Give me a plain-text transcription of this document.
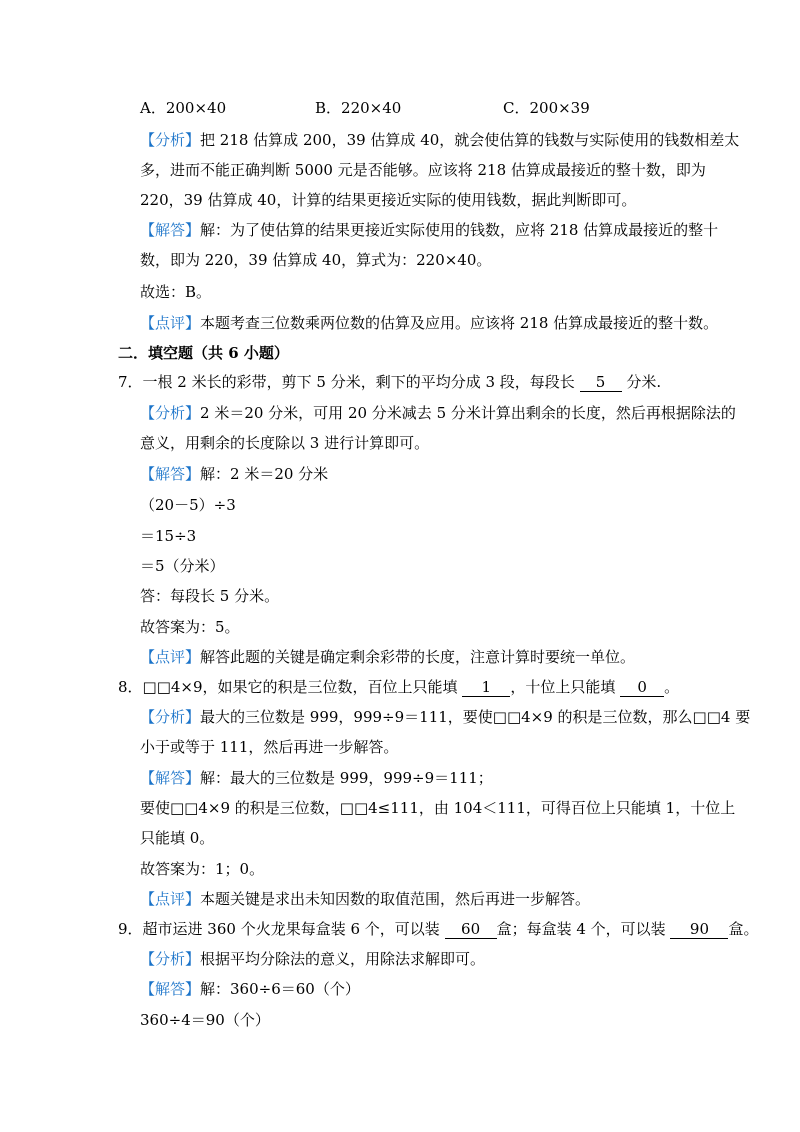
A．200×40	B．220×40	C．200×39
【分析】把 218 估算成 200，39 估算成 40，就会使估算的钱数与实际使用的钱数相差太
多，进而不能正确判断 5000 元是否能够。应该将 218 估算成最接近的整十数，即为
220，39 估算成 40，计算的结果更接近实际的使用钱数，据此判断即可。
【解答】解：为了使估算的结果更接近实际使用的钱数，应将 218 估算成最接近的整十
数，即为 220，39 估算成 40，算式为：220×40。
故选：B。
【点评】本题考查三位数乘两位数的估算及应用。应该将 218 估算成最接近的整十数。
二．填空题（共 6 小题）
7．一根 2 米长的彩带，剪下 5 分米，剩下的平均分成 3 段，每段长 5 分米.
【分析】2 米＝20 分米，可用 20 分米减去 5 分米计算出剩余的长度，然后再根据除法的
意义，用剩余的长度除以 3 进行计算即可。
【解答】解：2 米＝20 分米
（20－5）÷3
＝15÷3
＝5（分米）
答：每段长 5 分米。
故答案为：5。
【点评】解答此题的关键是确定剩余彩带的长度，注意计算时要统一单位。
8．□□4×9，如果它的积是三位数，百位上只能填 1 ，十位上只能填 0 。
【分析】最大的三位数是 999，999÷9＝111，要使□□4×9 的积是三位数，那么□□4 要
小于或等于 111，然后再进一步解答。
【解答】解：最大的三位数是 999，999÷9＝111；
要使□□4×9 的积是三位数，□□4≤111，由 104＜111，可得百位上只能填 1，十位上
只能填 0。
故答案为：1；0。
【点评】本题关键是求出未知因数的取值范围，然后再进一步解答。
9．超市运进 360 个火龙果每盒装 6 个，可以装 60 盒；每盒装 4 个，可以装 90 盒。
【分析】根据平均分除法的意义，用除法求解即可。
【解答】解：360÷6＝60（个）
360÷4＝90（个）
